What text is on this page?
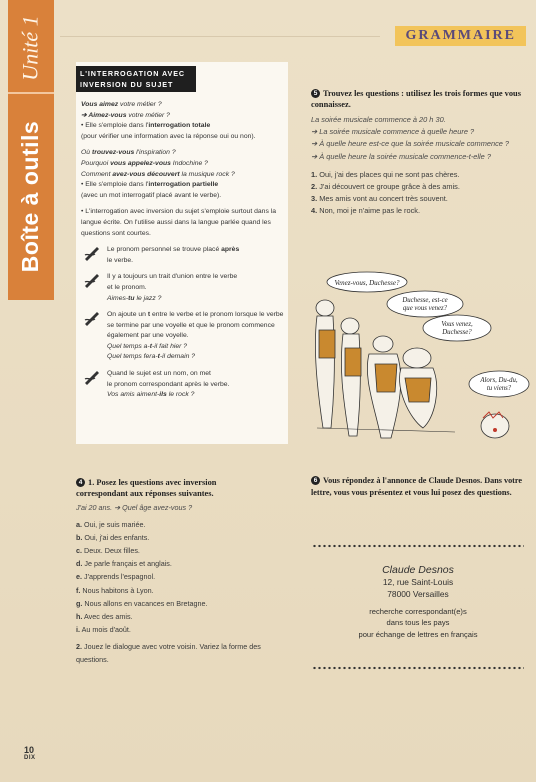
Unité 1
Boîte à outils
GRAMMAIRE
L'INTERROGATION AVEC
INVERSION DU SUJET

Vous aimez votre métier ?

➔ Aimez-vous votre métier ?

• Elle s'emploie dans l'interrogation totale

(pour vérifier une information avec la réponse oui ou non).

Où trouvez-vous l'inspiration ?

Pourquoi vous appelez-vous Indochine ?

Comment avez-vous découvert la musique rock ?

• Elle s'emploie dans l'interrogation partielle

(avec un mot interrogatif placé avant le verbe).

• L'interrogation avec inversion du sujet s'emploie surtout dans la langue écrite. On l'utilise aussi dans la langue parlée quand les questions sont courtes.

Le pronom personnel se trouve placé après

le verbe.

Il y a toujours un trait d'union entre le verbe

et le pronom.

Aimes-tu le jazz ?

On ajoute un t entre le verbe et le pronom lorsque le verbe se termine par une voyelle et que le pronom commence également par une voyelle.

Quel temps a-t-il fait hier ?

Quel temps fera-t-il demain ?

Quand le sujet est un nom, on met

le pronom correspondant après le verbe.

Vos amis aiment-ils le rock ?

5 Trouvez les questions : utilisez les trois formes que vous connaissez.

La soirée musicale commence à 20 h 30.

➔ La soirée musicale commence à quelle heure ?

➔ À quelle heure est-ce que la soirée musicale commence ?

➔ À quelle heure la soirée musicale commence-t-elle ?

1. Oui, j'ai des places qui ne sont pas chères.
2. J'ai découvert ce groupe grâce à des amis.
3. Mes amis vont au concert très souvent.
4. Non, moi je n'aime pas le rock.
Venez-vous, Duchesse?
Duchesse, est-ce
que vous venez?
Vous venez,
Duchesse?
Alors, Du-du,
tu viens?
4 1. Posez les questions avec inversion
correspondant aux réponses suivantes.

J'ai 20 ans. ➔ Quel âge avez-vous ?

a. Oui, je suis mariée.
b. Oui, j'ai des enfants.
c. Deux. Deux filles.
d. Je parle français et anglais.
e. J'apprends l'espagnol.
f. Nous habitons à Lyon.
g. Nous allons en vacances en Bretagne.
h. Avec des amis.
i. Au mois d'août.

2. Jouez le dialogue avec votre voisin. Variez la forme des questions.

6 Vous répondez à l'annonce de Claude Desnos. Dans votre lettre, vous vous présentez et vous lui posez des questions.

Claude Desnos

12, rue Saint-Louis

78000 Versailles

recherche correspondant(e)s

dans tous les pays

pour échange de lettres en français

10
DIX
